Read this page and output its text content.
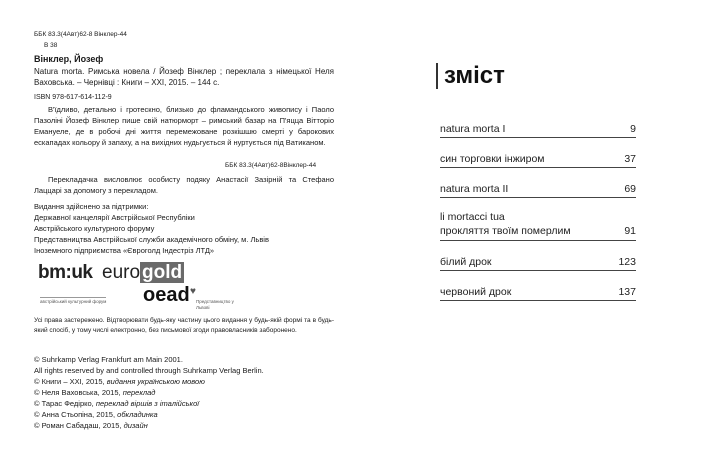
ББК 83.3(4Авт)62-8 Вінклер-44
В 38
Вінклер, Йозеф
Natura morta. Римська новела / Йозеф Вінклер ; переклала з німецької Неля Ваховська. – Чернівці : Книги – XXI, 2015. – 144 с.
ISBN 978-617-614-112-9
В'їдливо, детально і гротескно, близько до фламандського живопису і Паоло Пазоліні Йозеф Вінклер пише свій натюрморт – римський базар на П'яцца Вітторіо Емануеле, де в робочі дні життя перемежоване розкішшю смерті у барокових ескападах кольору й запаху, а на вихідних нудьгується й нуртується під Ватиканом.
ББК 83.3(4Авт)62-8Вінклер-44
Перекладачка висловлює особисту подяку Анастасії Зазірній та Стефано Лаццарі за допомогу з перекладом.
Видання здійснено за підтримки:
Державної канцелярії Австрійської Республіки
Австрійського культурного форуму
Представництва Австрійської служби академічного обміну, м. Львів
Іноземного підприємства «Євроголд Індестріз ЛТД»
bm:uk euro gold
австрійський культурний форум oead ♥
Представництво у Львові
Усі права застережено. Відтворювати будь-яку частину цього видання у будь-якій формі та в будь-який спосіб, у тому числі електронно, без письмової згоди правовласників заборонено.
© Suhrkamp Verlag Frankfurt am Main 2001.
All rights reserved by and controlled through Suhrkamp Verlag Berlin.
© Книги – XXI, 2015, видання українською мовою
© Неля Ваховська, 2015, переклад
© Тарас Федірко, переклад віршів з італійської
© Анна Стьопіна, 2015, обкладинка
© Роман Сабадаш, 2015, дизайн
зміст
natura morta I	9
син торговки інжиром	37
natura morta II	69
li mortacci tua
прокляття твоїм померлим	91
білий дрок	123
червоний дрок	137
